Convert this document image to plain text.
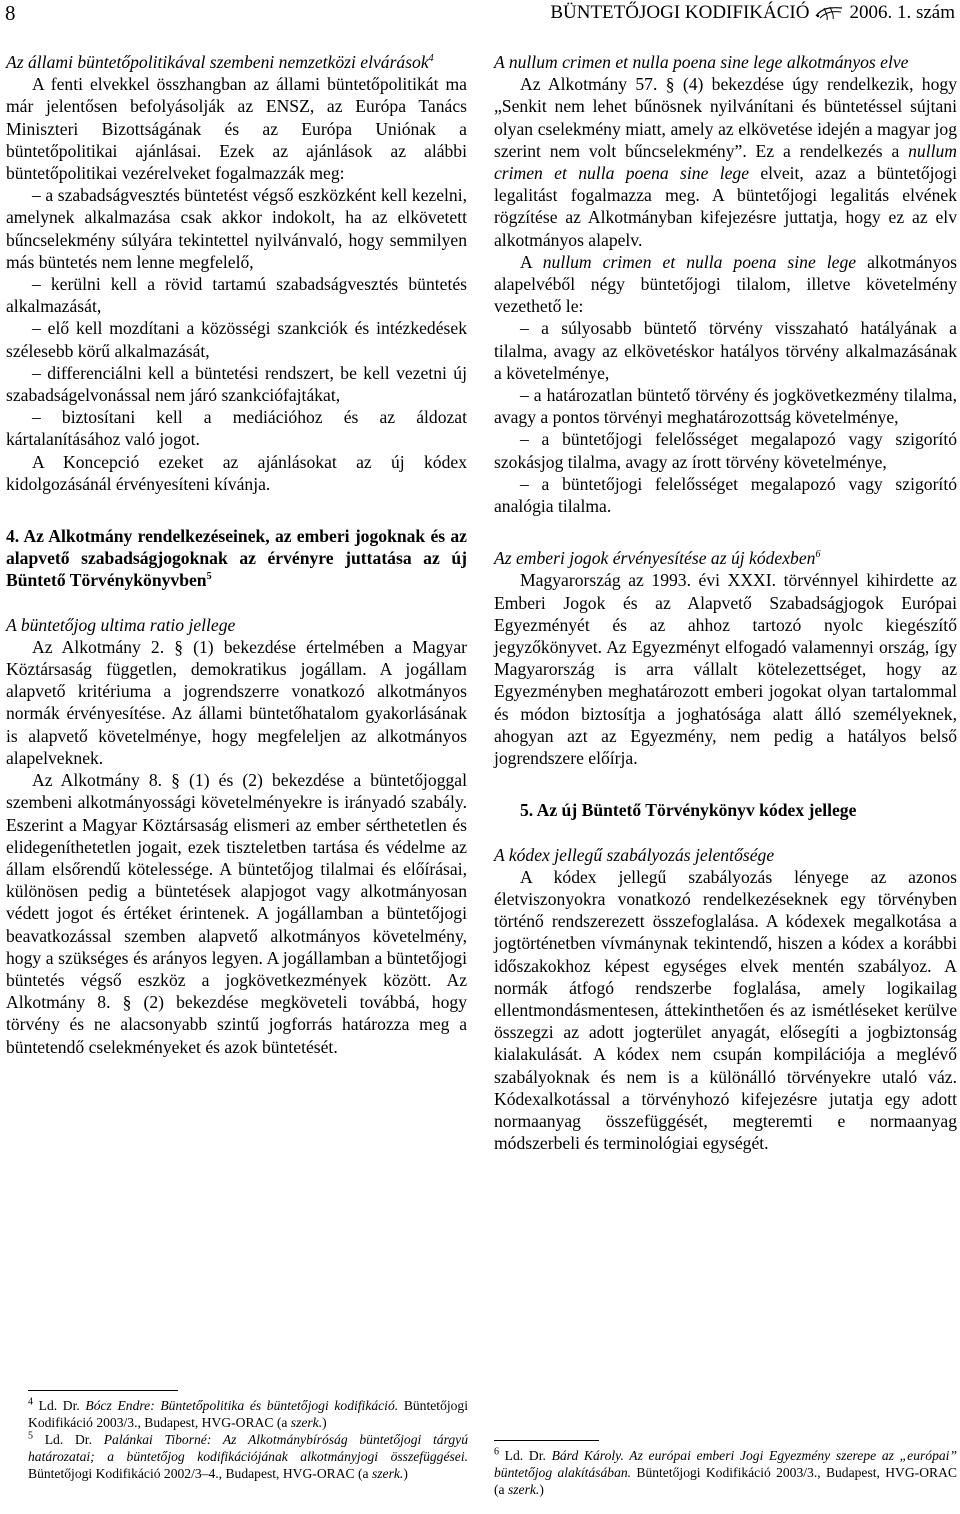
8	BÜNTETŐJOGI KODIFIKÁCIÓ 2006. 1. szám

Az állami büntetőpolitikával szembeni nemzetközi elvárások$^4$

A fenti elvekkel összhangban az állami büntetőpolitikát ma már jelentősen befolyásolják az ENSZ, az Európa Tanács Miniszteri Bizottságának és az Európa Uniónak a büntetőpolitikai ajánlásai. Ezek az ajánlások az alábbi büntetőpolitikai vezérelveket fogalmazzák meg:

– a szabadságvesztés büntetést végső eszközként kell kezelni, amelynek alkalmazása csak akkor indokolt, ha az elkövetett bűncselekmény súlyára tekintettel nyilvánvaló, hogy semmilyen más büntetés nem lenne megfelelő,

– kerülni kell a rövid tartamú szabadságvesztés büntetés alkalmazását,

– elő kell mozdítani a közösségi szankciók és intézkedések szélesebb körű alkalmazását,

– differenciálni kell a büntetési rendszert, be kell vezetni új szabadságelvonással nem járó szankciófajtákat,

– biztosítani kell a mediációhoz és az áldozat kártalanításához való jogot.

A Koncepció ezeket az ajánlásokat az új kódex kidolgozásánál érvényesíteni kívánja.

4. Az Alkotmány rendelkezéseinek, az emberi jogoknak és az alapvető szabadságjogoknak az érvényre juttatása az új Büntető Törvénykönyvben$^5$

A büntetőjog ultima ratio jellege

Az Alkotmány 2. § (1) bekezdése értelmében a Magyar Köztársaság független, demokratikus jogállam. A jogállam alapvető kritériuma a jogrendszerre vonatkozó alkotmányos normák érvényesítése. Az állami büntetőhatalom gyakorlásának is alapvető követelménye, hogy megfeleljen az alkotmányos alapelveknek.

Az Alkotmány 8. § (1) és (2) bekezdése a büntetőjoggal szembeni alkotmányossági követelményekre is irányadó szabály. Eszerint a Magyar Köztársaság elismeri az ember sérthetetlen és elidegeníthetetlen jogait, ezek tiszteletben tartása és védelme az állam elsőrendű kötelessége. A büntetőjog tilalmai és előírásai, különösen pedig a büntetések alapjogot vagy alkotmányosan védett jogot és értéket érintenek. A jogállamban a büntetőjogi beavatkozással szemben alapvető alkotmányos követelmény, hogy a szükséges és arányos legyen. A jogállamban a büntetőjogi büntetés végső eszköz a jogkövetkezmények között. Az Alkotmány 8. § (2) bekezdése megköveteli továbbá, hogy törvény és ne alacsonyabb szintű jogforrás határozza meg a büntetendő cselekményeket és azok büntetését.

$^4$ Ld. Dr. Bócz Endre: Büntetőpolitika és büntetőjogi kodifikáció. Büntetőjogi Kodifikáció 2003/3., Budapest, HVG-ORAC (a szerk.)

$^5$ Ld. Dr. Palánkai Tiborné: Az Alkotmánybíróság büntetőjogi tárgyú határozatai; a büntetőjog kodifikációjának alkotmányjogi összefüggései. Büntetőjogi Kodifikáció 2002/3–4., Budapest, HVG-ORAC (a szerk.)

A nullum crimen et nulla poena sine lege alkotmányos elve

Az Alkotmány 57. § (4) bekezdése úgy rendelkezik, hogy „Senkit nem lehet bűnösnek nyilvánítani és büntetéssel sújtani olyan cselekmény miatt, amely az elkövetése idején a magyar jog szerint nem volt bűncselekmény”. Ez a rendelkezés a nullum crimen et nulla poena sine lege elveit, azaz a büntetőjogi legalitást fogalmazza meg. A büntetőjogi legalitás elvének rögzítése az Alkotmányban kifejezésre juttatja, hogy ez az elv alkotmányos alapelv.

A nullum crimen et nulla poena sine lege alkotmányos alapelvéből négy büntetőjogi tilalom, illetve követelmény vezethető le:

– a súlyosabb büntető törvény visszaható hatályának a tilalma, avagy az elkövetéskor hatályos törvény alkalmazásának a követelménye,

– a határozatlan büntető törvény és jogkövetkezmény tilalma, avagy a pontos törvényi meghatározottság követelménye,

– a büntetőjogi felelősséget megalapozó vagy szigorító szokásjog tilalma, avagy az írott törvény követelménye,

– a büntetőjogi felelősséget megalapozó vagy szigorító analógia tilalma.

Az emberi jogok érvényesítése az új kódexben$^6$

Magyarország az 1993. évi XXXI. törvénnyel kihirdette az Emberi Jogok és az Alapvető Szabadságjogok Európai Egyezményét és az ahhoz tartozó nyolc kiegészítő jegyzőkönyvet. Az Egyezményt elfogadó valamennyi ország, így Magyarország is arra vállalt kötelezettséget, hogy az Egyezményben meghatározott emberi jogokat olyan tartalommal és módon biztosítja a joghatósága alatt álló személyeknek, ahogyan azt az Egyezmény, nem pedig a hatályos belső jogrendszere előírja.

5. Az új Büntető Törvénykönyv kódex jellege

A kódex jellegű szabályozás jelentősége

A kódex jellegű szabályozás lényege az azonos életviszonyokra vonatkozó rendelkezéseknek egy törvényben történő rendszerezett összefoglalása. A kódexek megalkotása a jogtörténetben vívmánynak tekintendő, hiszen a kódex a korábbi időszakokhoz képest egységes elvek mentén szabályoz. A normák átfogó rendszerbe foglalása, amely logikailag ellentmondásmentesen, áttekinthetően és az ismétléseket kerülve összegzi az adott jogterület anyagát, elősegíti a jogbiztonság kialakulását. A kódex nem csupán kompilációja a meglévő szabályoknak és nem is a különálló törvényekre utaló váz. Kódexalkotással a törvényhozó kifejezésre jutatja egy adott normaanyag összefüggését, megteremti e normaanyag módszerbeli és terminológiai egységét.

$^6$ Ld. Dr. Bárd Károly. Az európai emberi Jogi Egyezmény szerepe az „európai” büntetőjog alakításában. Büntetőjogi Kodifikáció 2003/3., Budapest, HVG-ORAC (a szerk.)
